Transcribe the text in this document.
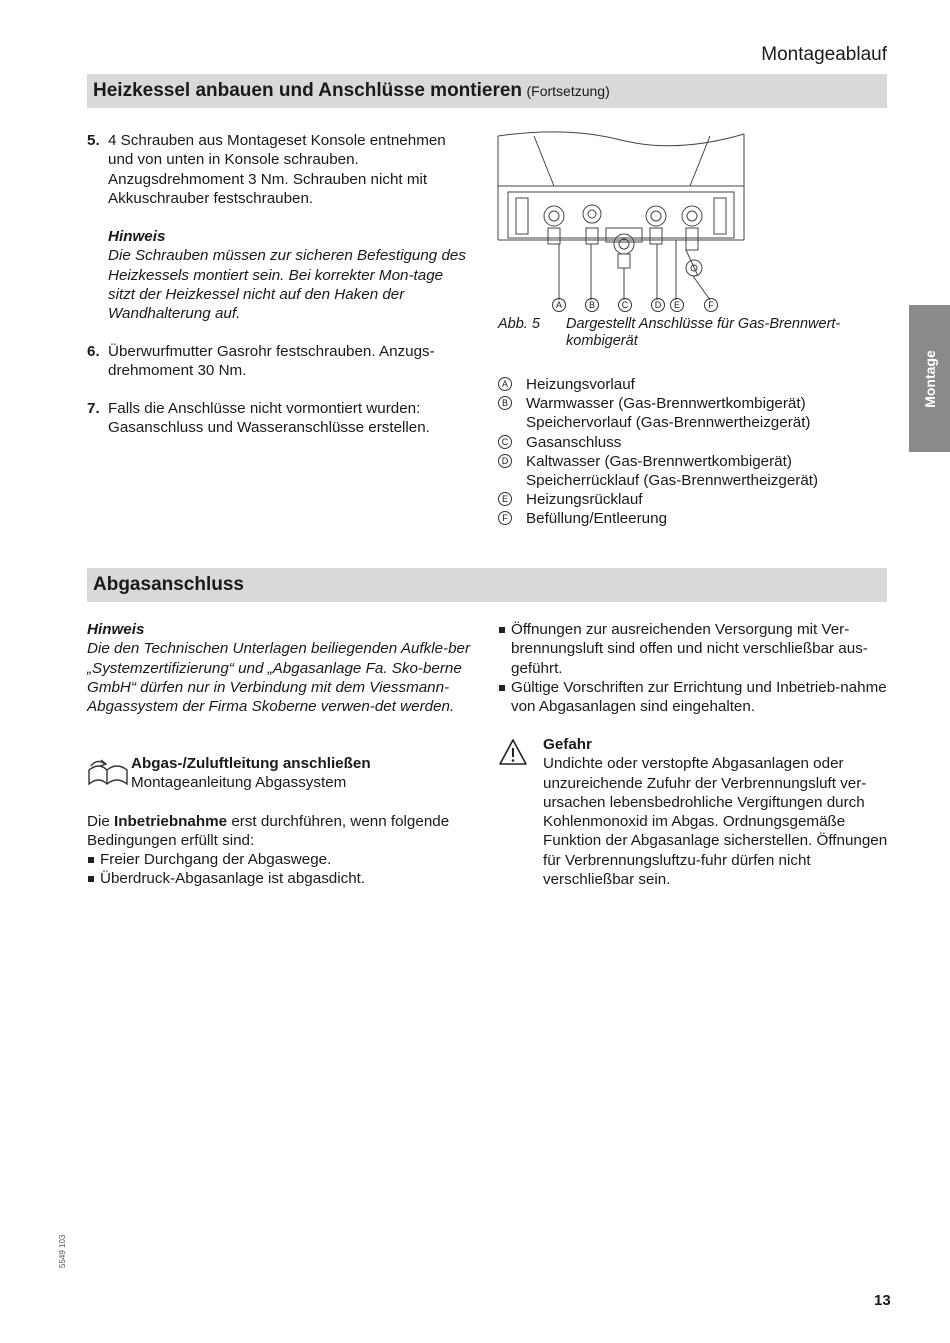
Montageablauf
Heizkessel anbauen und Anschlüsse montieren (Fortsetzung)
5. 4 Schrauben aus Montageset Konsole entnehmen und von unten in Konsole schrauben. Anzugsdrehmoment 3 Nm. Schrauben nicht mit Akkuschrauber festschrauben.
Hinweis
Die Schrauben müssen zur sicheren Befestigung des Heizkessels montiert sein. Bei korrekter Mon-tage sitzt der Heizkessel nicht auf den Haken der Wandhalterung auf.
6. Überwurfmutter Gasrohr festschrauben. Anzugs-drehmoment 30 Nm.
7. Falls die Anschlüsse nicht vormontiert wurden: Gasanschluss und Wasseranschlüsse erstellen.
A	B	C	D	E	F
Abb. 5 Dargestellt Anschlüsse für Gas-Brennwert-kombigerät
A Heizungsvorlauf
B Warmwasser (Gas-Brennwertkombigerät)
Speichervorlauf (Gas-Brennwertheizgerät)
C Gasanschluss
D Kaltwasser (Gas-Brennwertkombigerät)
Speicherrücklauf (Gas-Brennwertheizgerät)
E Heizungsrücklauf
F Befüllung/Entleerung
Abgasanschluss
Hinweis
Die den Technischen Unterlagen beiliegenden Aufkle-ber „Systemzertifizierung“ und „Abgasanlage Fa. Sko-berne GmbH“ dürfen nur in Verbindung mit dem Viessmann-Abgassystem der Firma Skoberne verwen-det werden.
Abgas-/Zuluftleitung anschließen
Montageanleitung Abgassystem
Die Inbetriebnahme erst durchführen, wenn folgende Bedingungen erfüllt sind:
Freier Durchgang der Abgaswege.
Überdruck-Abgasanlage ist abgasdicht.
Öffnungen zur ausreichenden Versorgung mit Ver-brennungsluft sind offen und nicht verschließbar aus-geführt.
Gültige Vorschriften zur Errichtung und Inbetrieb-nahme von Abgasanlagen sind eingehalten.
Gefahr
Undichte oder verstopfte Abgasanlagen oder unzureichende Zufuhr der Verbrennungsluft ver-ursachen lebensbedrohliche Vergiftungen durch Kohlenmonoxid im Abgas. Ordnungsgemäße Funktion der Abgasanlage sicherstellen. Öffnungen für Verbrennungsluftzu-fuhr dürfen nicht verschließbar sein.
Montage
5549 103
13
